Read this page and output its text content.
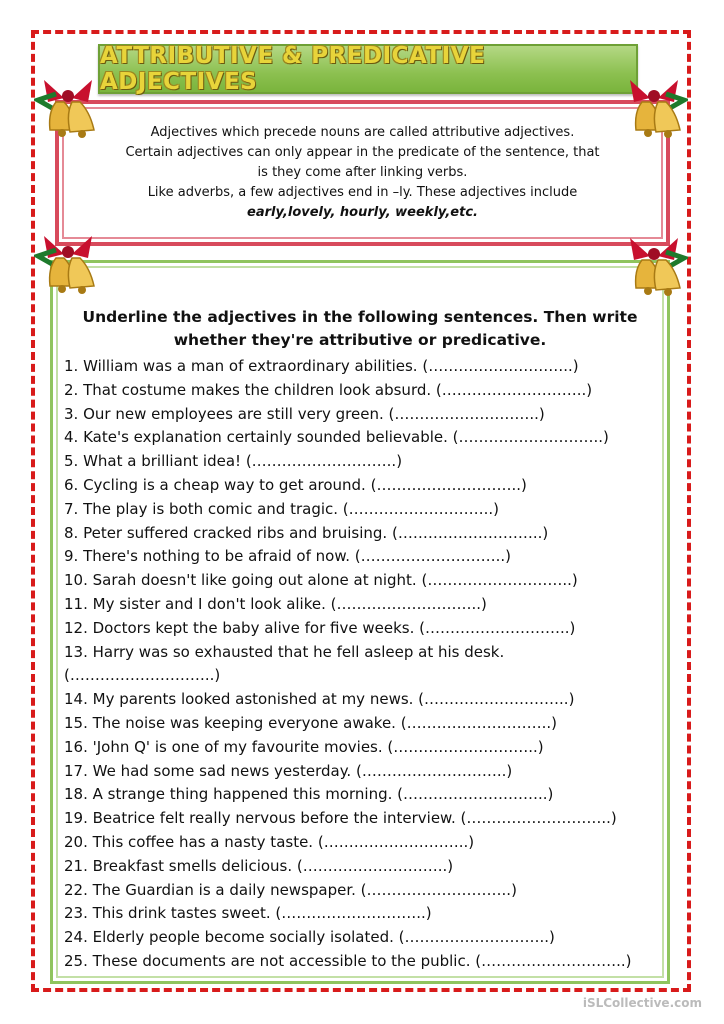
ATTRIBUTIVE & PREDICATIVE ADJECTIVES
Adjectives which precede nouns are called attributive adjectives.
Certain adjectives can only appear in the predicate of the sentence, that is they come after linking verbs.
Like adverbs, a few adjectives end in –ly. These adjectives include early,lovely, hourly, weekly,etc.
Underline the adjectives in the following sentences. Then write whether they're attributive or predicative.
1. William was a man of extraordinary abilities. (………………………..)
2. That costume makes the children look absurd. (………………………..)
3. Our new employees are still very green. (………………………..)
4. Kate's explanation certainly sounded believable. (………………………..)
5. What a brilliant idea! (………………………..)
6. Cycling is a cheap way to get around. (………………………..)
7. The play is both comic and tragic. (………………………..)
8. Peter suffered cracked ribs and bruising. (………………………..)
9. There's nothing to be afraid of now. (………………………..)
10. Sarah doesn't like going out alone at night. (………………………..)
11. My sister and I don't look alike. (………………………..)
12. Doctors kept the baby alive for five weeks. (………………………..)
13. Harry was so exhausted that he fell asleep at his desk.
(………………………..)
14. My parents looked astonished at my news. (………………………..)
15. The noise was keeping everyone awake. (………………………..)
16. 'John Q' is one of my favourite movies. (………………………..)
17. We had some sad news yesterday. (………………………..)
18. A strange thing happened this morning. (………………………..)
19. Beatrice felt really nervous before the interview. (………………………..)
20. This coffee has a nasty taste. (………………………..)
21. Breakfast smells delicious. (………………………..)
22. The Guardian is a daily newspaper. (………………………..)
23. This drink tastes sweet. (………………………..)
24. Elderly people become socially isolated. (………………………..)
25. These documents are not accessible to the public. (………………………..)
iSLCollective.com
